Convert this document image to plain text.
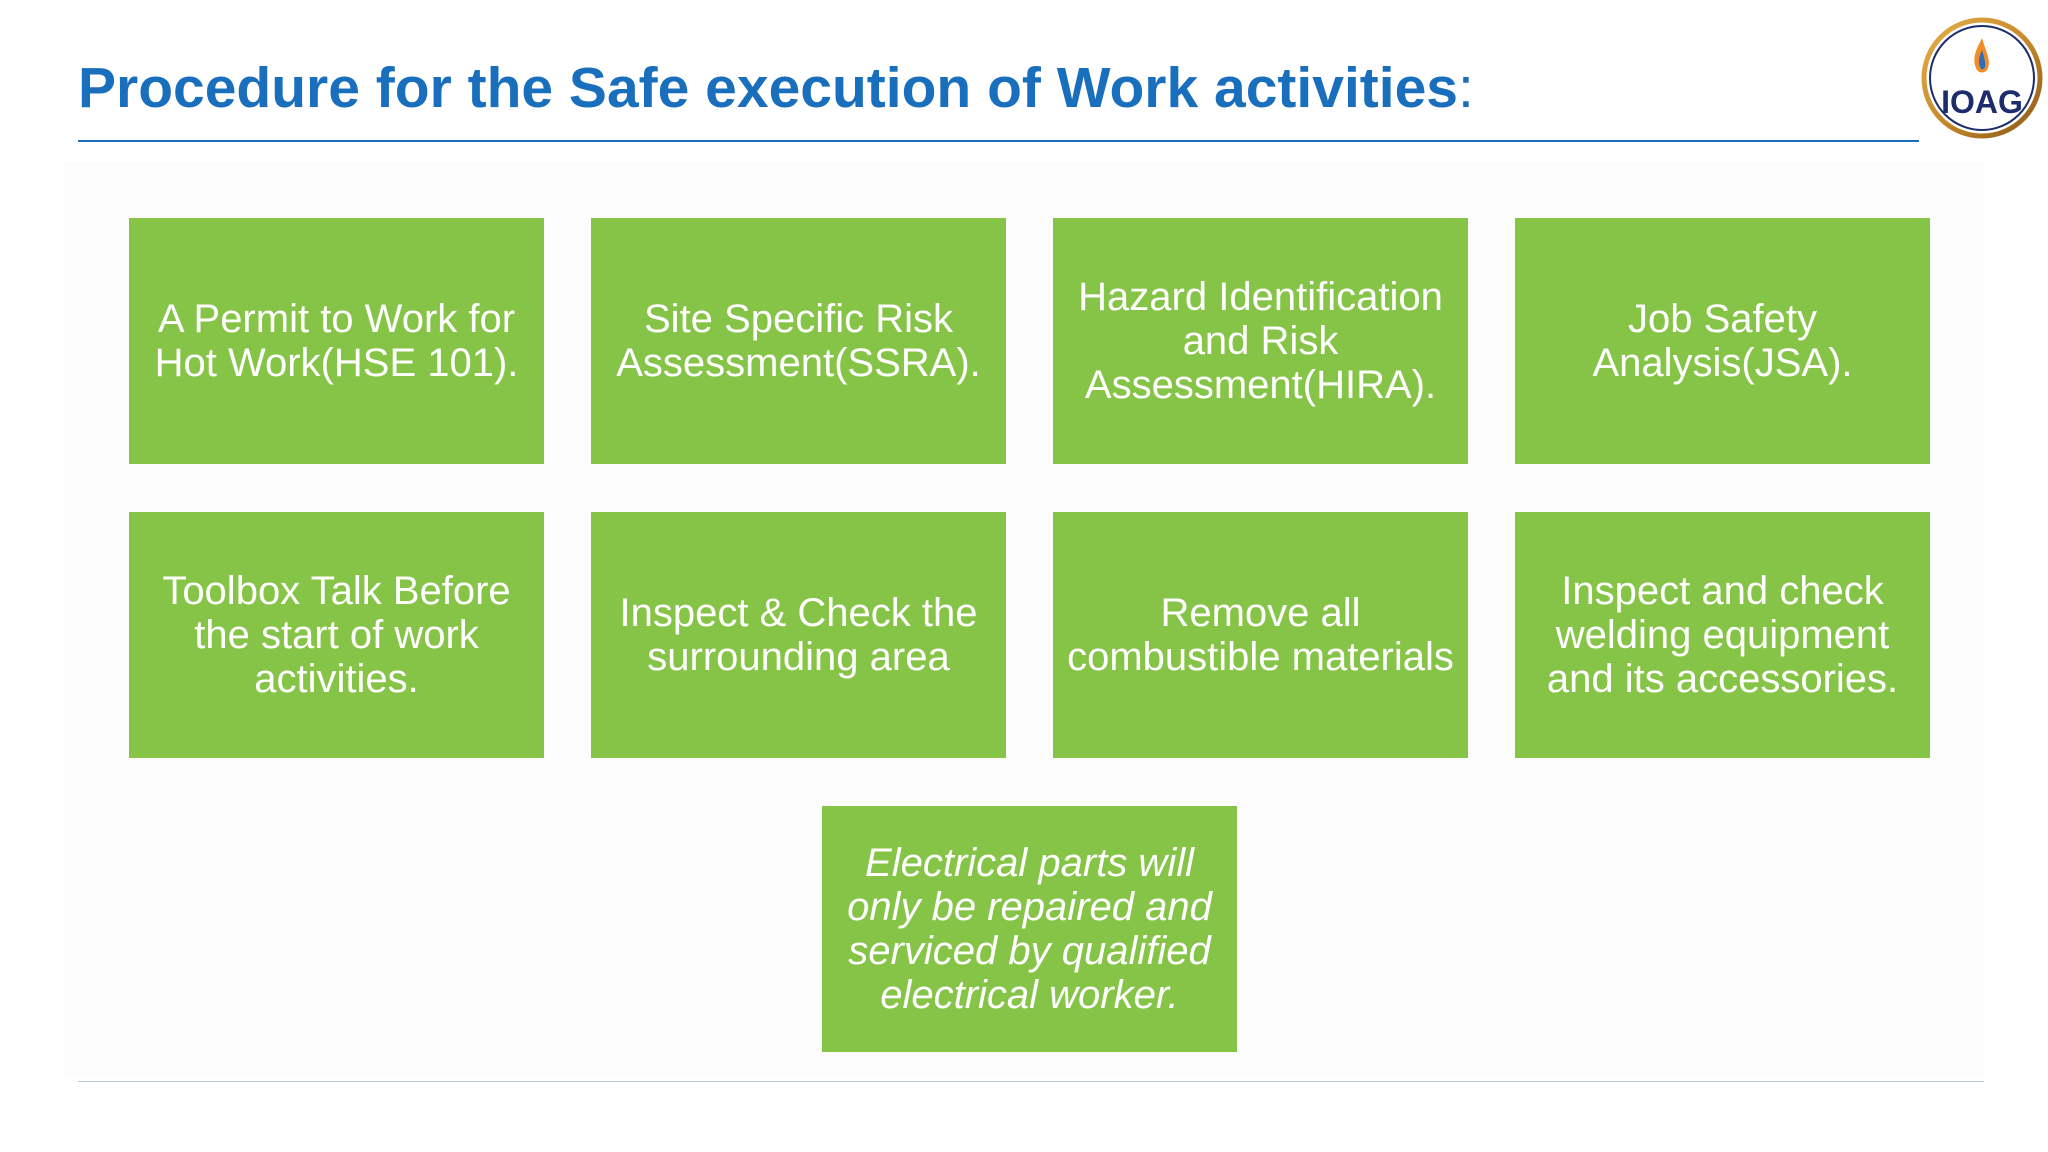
Procedure for the Safe execution of Work activities:	IOAG
A Permit to Work for Hot Work(HSE 101).
Site Specific Risk Assessment(SSRA).
Hazard Identification and Risk Assessment(HIRA).
Job Safety Analysis(JSA).
Toolbox Talk Before the start of work activities.
Inspect & Check the surrounding area
Remove all combustible materials
Inspect and check welding equipment and its accessories.
Electrical parts will only be repaired and serviced by qualified electrical worker.
